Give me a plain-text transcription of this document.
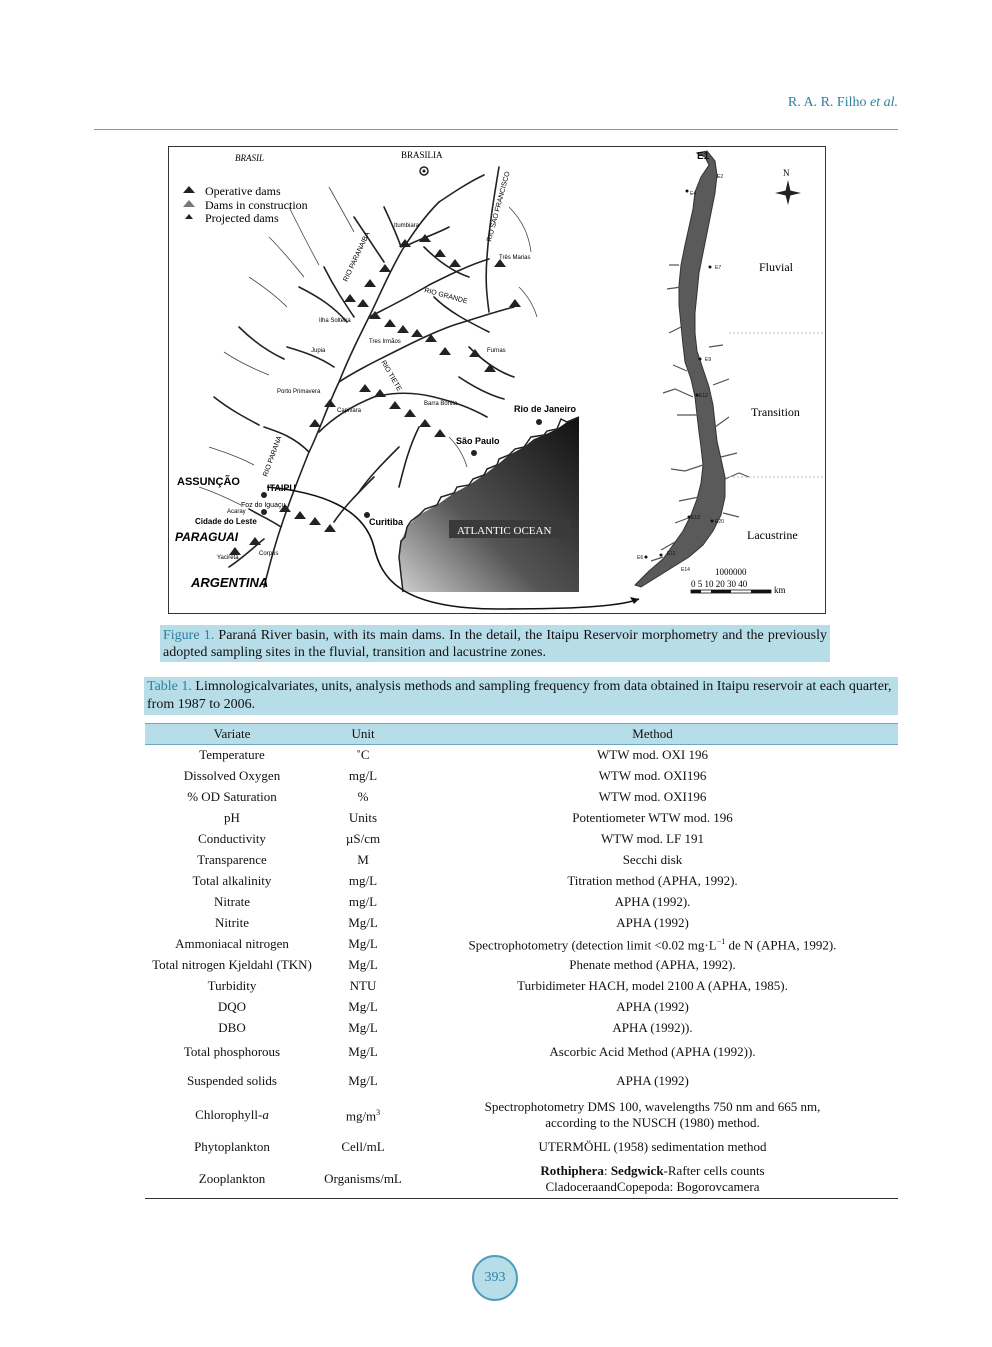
R. A. R. Filho et al.
BRASIL	BRASILIA
Operative dams
Dams in construction
Projected dams
Rio de Janeiro
São Paulo
Curitiba
ASSUNÇÃO	ITAIPU
Foz do Iguaçu
Cidade do Leste
PARAGUAI
ARGENTINA
Yacireta
Corpus
Acaray
Porto Primavera
Jupia
Ilha Solteira
Tres Irmãos
Capivara
Barra Bonita
Itumbiara
Furnas
Três Marias
RIO PARANA
RIO TIETE
RIO GRANDE
RIO PARANAIBA
RIO SAO FRANCISCO
ATLANTIC OCEAN
E1
E2
E4
E7
E9
E12
E13
E20
E6
E11
E14
Fluvial
Transition
Lacustrine
N
1000000
0 5 10 20 30 40
km
Figure 1. Paraná River basin, with its main dams. In the detail, the Itaipu Reservoir morphometry and the previously adopted sampling sites in the fluvial, transition and lacustrine zones.
Table 1. Limnologicalvariates, units, analysis methods and sampling frequency from data obtained in Itaipu reservoir at each quarter, from 1987 to 2006.
Variate	Unit	Method
Temperature	˚C	WTW mod. OXI 196
Dissolved Oxygen	mg/L	WTW mod. OXI196
% OD Saturation	%	WTW mod. OXI196
pH	Units	Potentiometer WTW mod. 196
Conductivity	µS/cm	WTW mod. LF 191
Transparence	M	Secchi disk
Total alkalinity	mg/L	Titration method (APHA, 1992).
Nitrate	mg/L	APHA (1992).
Nitrite	Mg/L	APHA (1992)
Ammoniacal nitrogen	Mg/L	Spectrophotometry (detection limit <0.02 $mg\cdot L^{-1}$ de N (APHA, 1992).
Total nitrogen Kjeldahl (TKN)	Mg/L	Phenate method (APHA, 1992).
Turbidity	NTU	Turbidimeter HACH, model 2100 A (APHA, 1985).
DQO	Mg/L	APHA (1992)
DBO	Mg/L	APHA (1992)).
Total phosphorous	Mg/L	Ascorbic Acid Method (APHA (1992)).
Suspended solids	Mg/L	APHA (1992)
Chlorophyll-a	$mg/m^3$	Spectrophotometry DMS 100, wavelengths 750 nm and 665 nm,
according to the NUSCH (1980) method.

Phytoplankton	Cell/mL	UTERMÖHL (1958) sedimentation method
Zooplankton	Organisms/mL	Rothiphera: Sedgwick-Rafter cells counts
CladoceraandCopepoda: Bogorovcamera
393
